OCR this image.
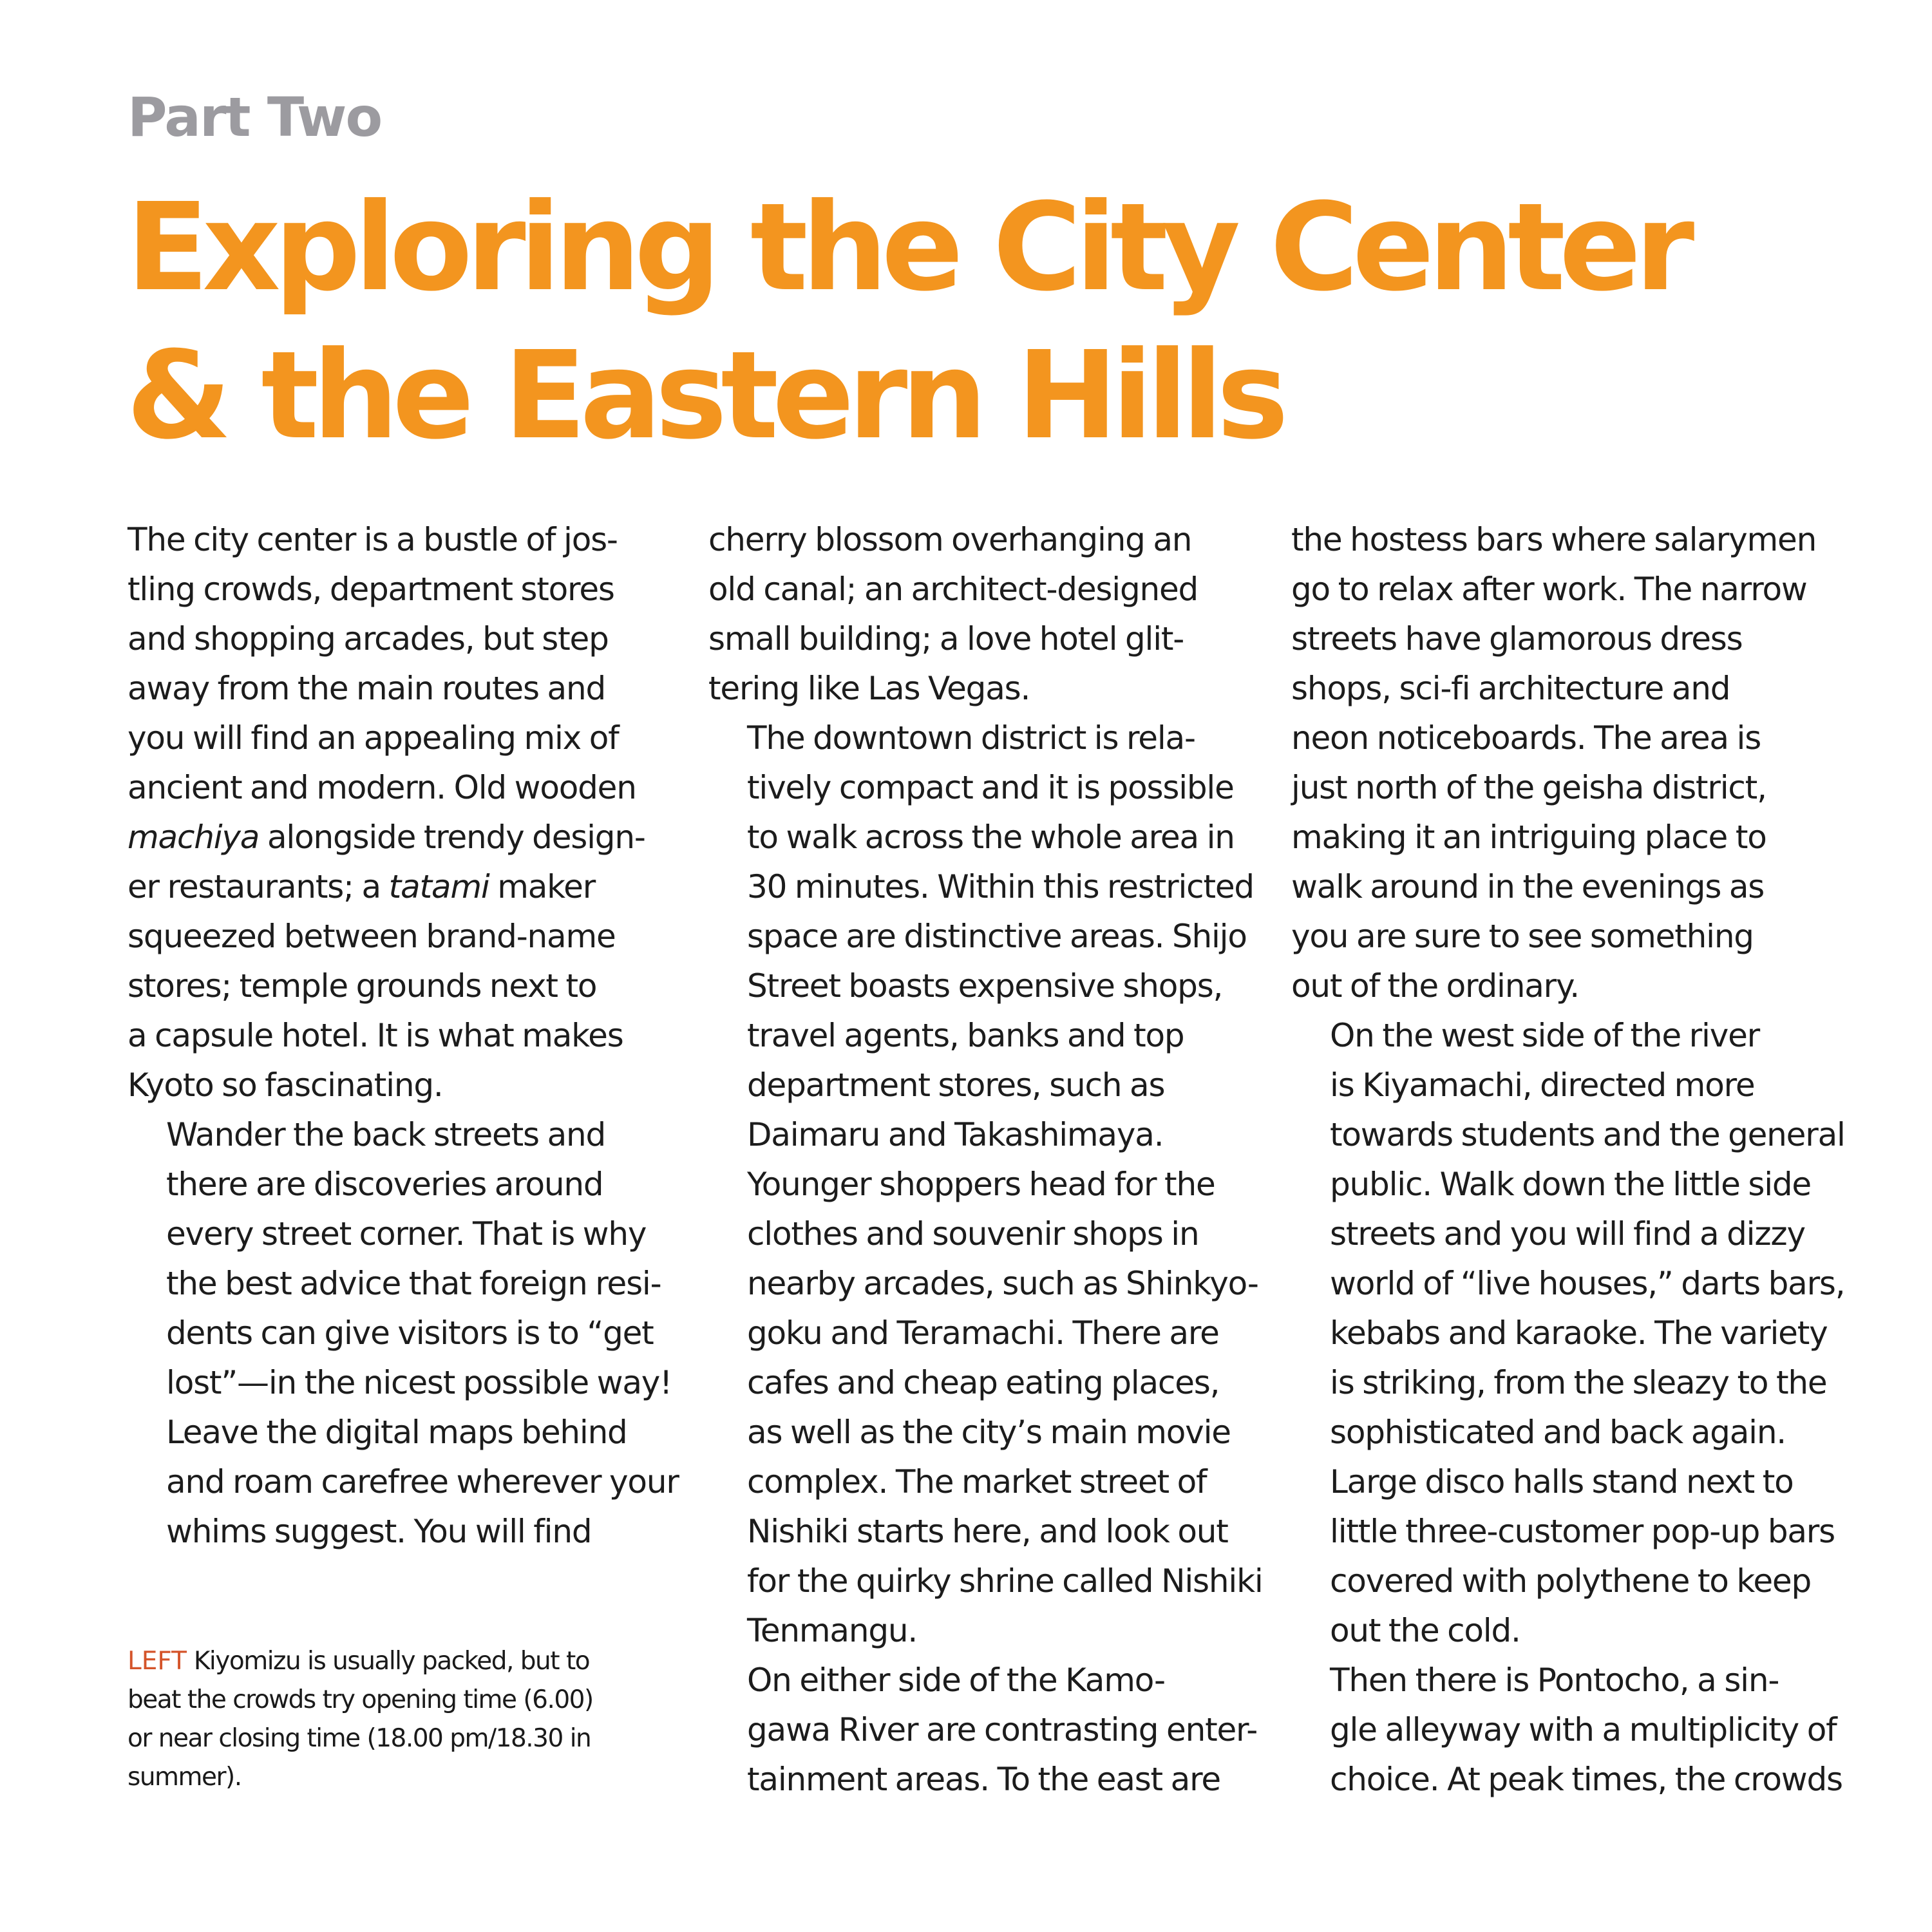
Part Two
Exploring the City Center
& the Eastern Hills

The city center is a bustle of jos-
tling crowds, department stores
and shopping arcades, but step
away from the main routes and
you will find an appealing mix of
ancient and modern. Old wooden
machiya alongside trendy design-
er restaurants; a tatami maker
squeezed between brand-name
stores; temple grounds next to
a capsule hotel. It is what makes
Kyoto so fascinating.

Wander the back streets and
there are discoveries around
every street corner. That is why
the best advice that foreign resi-
dents can give visitors is to “get
lost”—in the nicest possible way!
Leave the digital maps behind
and roam carefree wherever your
whims suggest. You will find

LEFT Kiyomizu is usually packed, but to
beat the crowds try opening time (6.00)
or near closing time (18.00 pm/18.30 in
summer).

cherry blossom overhanging an
old canal; an architect-designed
small building; a love hotel glit-
tering like Las Vegas.

The downtown district is rela-
tively compact and it is possible
to walk across the whole area in
30 minutes. Within this restricted
space are distinctive areas. Shijo
Street boasts expensive shops,
travel agents, banks and top
department stores, such as
Daimaru and Takashimaya.
Younger shoppers head for the
clothes and souvenir shops in
nearby arcades, such as Shinkyo-
goku and Teramachi. There are
cafes and cheap eating places,
as well as the city’s main movie
complex. The market street of
Nishiki starts here, and look out
for the quirky shrine called Nishiki
Tenmangu.

On either side of the Kamo-
gawa River are contrasting enter-
tainment areas. To the east are

the hostess bars where salarymen
go to relax after work. The narrow
streets have glamorous dress
shops, sci-fi architecture and
neon noticeboards. The area is
just north of the geisha district,
making it an intriguing place to
walk around in the evenings as
you are sure to see something
out of the ordinary.

On the west side of the river
is Kiyamachi, directed more
towards students and the general
public. Walk down the little side
streets and you will find a dizzy
world of “live houses,” darts bars,
kebabs and karaoke. The variety
is striking, from the sleazy to the
sophisticated and back again.
Large disco halls stand next to
little three-customer pop-up bars
covered with polythene to keep
out the cold.

Then there is Pontocho, a sin-
gle alleyway with a multiplicity of
choice. At peak times, the crowds
